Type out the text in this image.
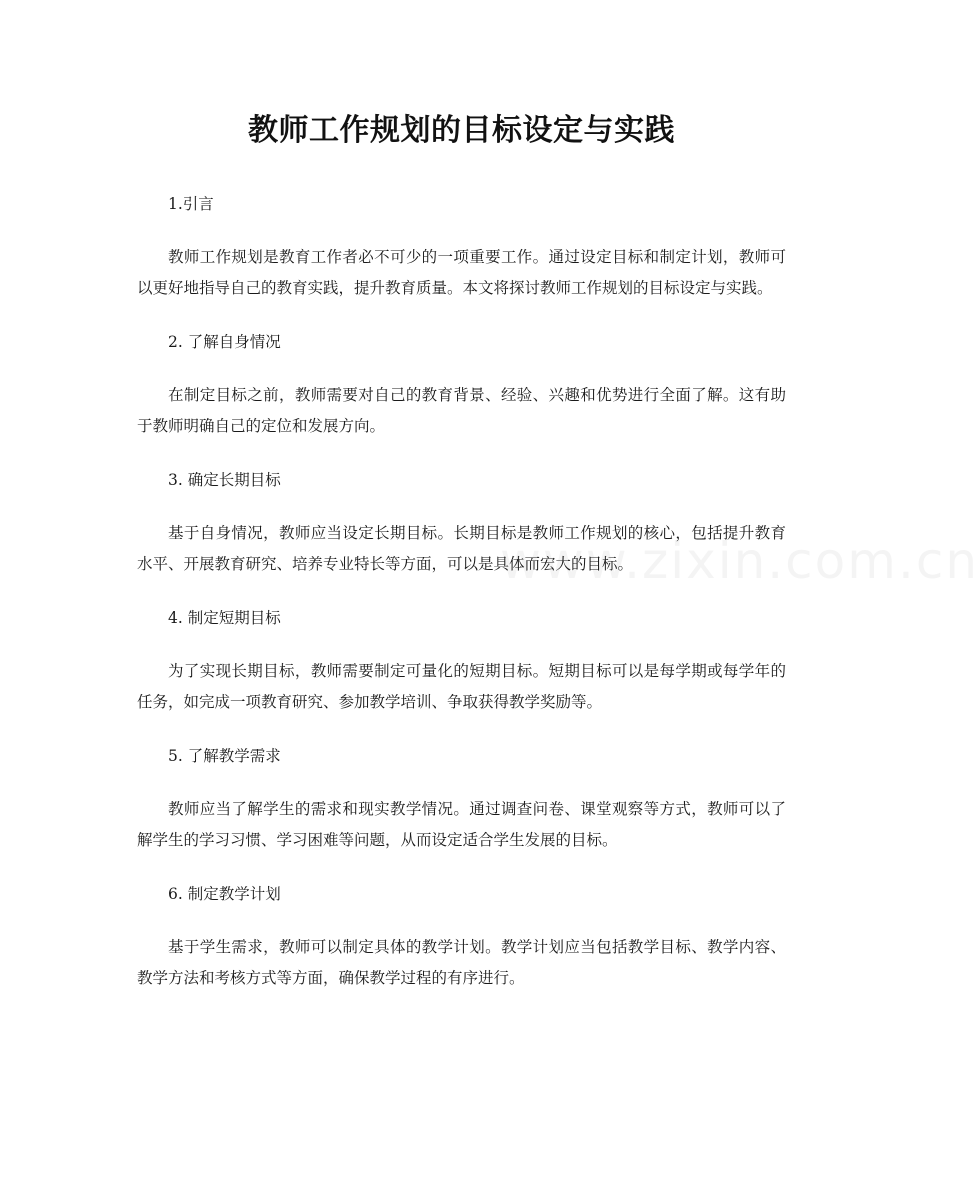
www.zixin.com.cn
教师工作规划的目标设定与实践

1.引言

教师工作规划是教育工作者必不可少的一项重要工作。通过设定目标和制定计划，教师可以更好地指导自己的教育实践，提升教育质量。本文将探讨教师工作规划的目标设定与实践。

2. 了解自身情况

在制定目标之前，教师需要对自己的教育背景、经验、兴趣和优势进行全面了解。这有助于教师明确自己的定位和发展方向。

3. 确定长期目标

基于自身情况，教师应当设定长期目标。长期目标是教师工作规划的核心，包括提升教育水平、开展教育研究、培养专业特长等方面，可以是具体而宏大的目标。

4. 制定短期目标

为了实现长期目标，教师需要制定可量化的短期目标。短期目标可以是每学期或每学年的任务，如完成一项教育研究、参加教学培训、争取获得教学奖励等。

5. 了解教学需求

教师应当了解学生的需求和现实教学情况。通过调查问卷、课堂观察等方式，教师可以了解学生的学习习惯、学习困难等问题，从而设定适合学生发展的目标。

6. 制定教学计划

基于学生需求，教师可以制定具体的教学计划。教学计划应当包括教学目标、教学内容、教学方法和考核方式等方面，确保教学过程的有序进行。
